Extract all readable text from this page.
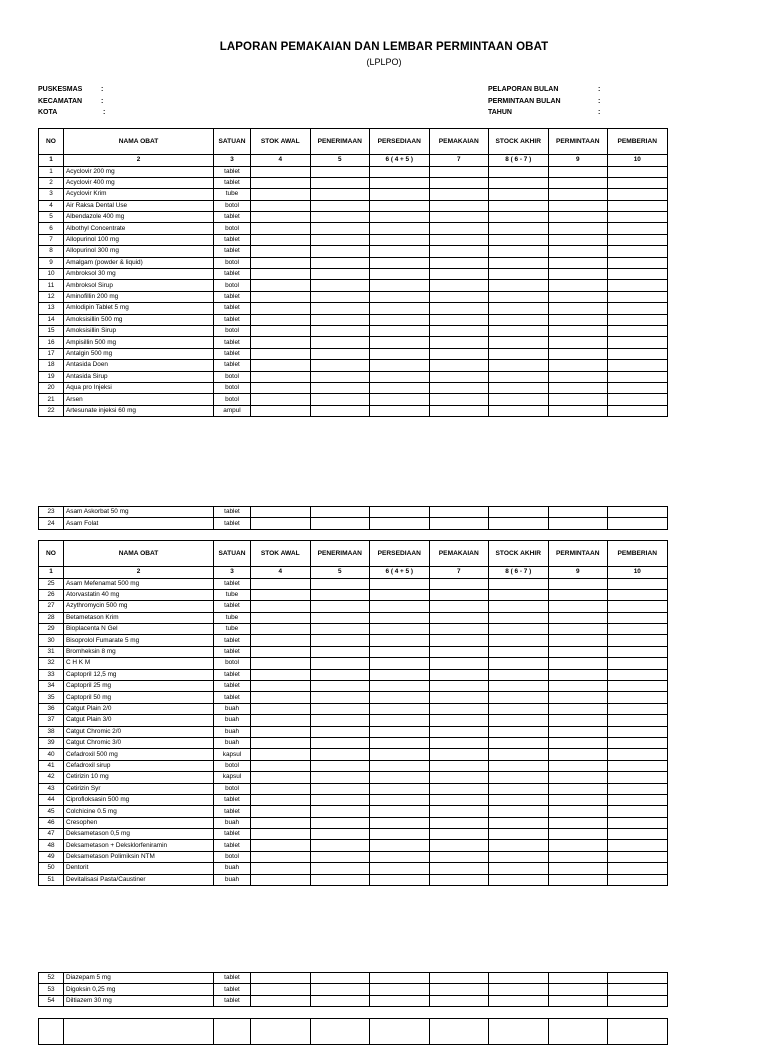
LAPORAN PEMAKAIAN DAN LEMBAR PERMINTAAN OBAT
(LPLPO)
PUSKESMAS	:
KECAMATAN	:
KOTA	:
PELAPORAN BULAN	:
PERMINTAAN BULAN	:
TAHUN	:
NO	NAMA OBAT	SATUAN	STOK AWAL	PENERIMAAN	PERSEDIAAN	PEMAKAIAN	STOCK AKHIR	PERMINTAAN	PEMBERIAN
1	2	3	4	5	6 ( 4 + 5 )	7	8 ( 6 - 7 )	9	10
1	Acyclovir 200 mg	tablet							
2	Acyclovir 400 mg	tablet							
3	Acyclovir Krim	tube							
4	Air Raksa Dental Use	botol							
5	Albendazole 400 mg	tablet							
6	Albothyl Concentrate	botol							
7	Allopurinol 100 mg	tablet							
8	Allopurinol 300 mg	tablet							
9	Amalgam (powder & liquid)	botol							
10	Ambroksol 30 mg	tablet							
11	Ambroksol Sirup	botol							
12	Aminofillin 200 mg	tablet							
13	Amlodipin Tablet 5 mg	tablet							
14	Amoksisillin 500 mg	tablet							
15	Amoksisillin Sirup	botol							
16	Ampisillin 500 mg	tablet							
17	Antalgin 500 mg	tablet							
18	Antasida Doen	tablet							
19	Antasida Sirup	botol							
20	Aqua pro Injeksi	botol							
21	Arsen	botol							
22	Artesunate injeksi 60 mg	ampul							
23	Asam Askorbat 50 mg	tablet							
24	Asam Folat	tablet							
NO	NAMA OBAT	SATUAN	STOK AWAL	PENERIMAAN	PERSEDIAAN	PEMAKAIAN	STOCK AKHIR	PERMINTAAN	PEMBERIAN
1	2	3	4	5	6 ( 4 + 5 )	7	8 ( 6 - 7 )	9	10
25	Asam Mefenamat 500 mg	tablet							
26	Atorvastatin 40 mg	tube							
27	Azythromycin 500 mg	tablet							
28	Betametason Krim	tube							
29	Bioplacenta N Gel	tube							
30	Bisoprolol Fumarate 5 mg	tablet							
31	Bromheksin 8 mg	tablet							
32	C H K M	botol							
33	Captopril 12,5 mg	tablet							
34	Captopril 25 mg	tablet							
35	Captopril 50 mg	tablet							
36	Catgut Plain 2/0	buah							
37	Catgut Plain 3/0	buah							
38	Catgut Chromic 2/0	buah							
39	Catgut Chromic 3/0	buah							
40	Cefadroxil 500 mg	kapsul							
41	Cefadroxil sirup	botol							
42	Cetirizin 10 mg	kapsul							
43	Cetirizin Syr	botol							
44	Ciprofloksasin 500 mg	tablet							
45	Colchicine 0.5 mg	tablet							
46	Cresophen	buah							
47	Deksametason 0,5 mg	tablet							
48	Deksametason + Deksklorfeniramin	tablet							
49	Deksametason Polimiksin NTM	botol							
50	Dentorit	buah							
51	Devitalisasi Pasta/Caustiner	buah							
52	Diazepam 5 mg	tablet							
53	Digoksin 0,25 mg	tablet							
54	Diltiazem 30 mg	tablet							
